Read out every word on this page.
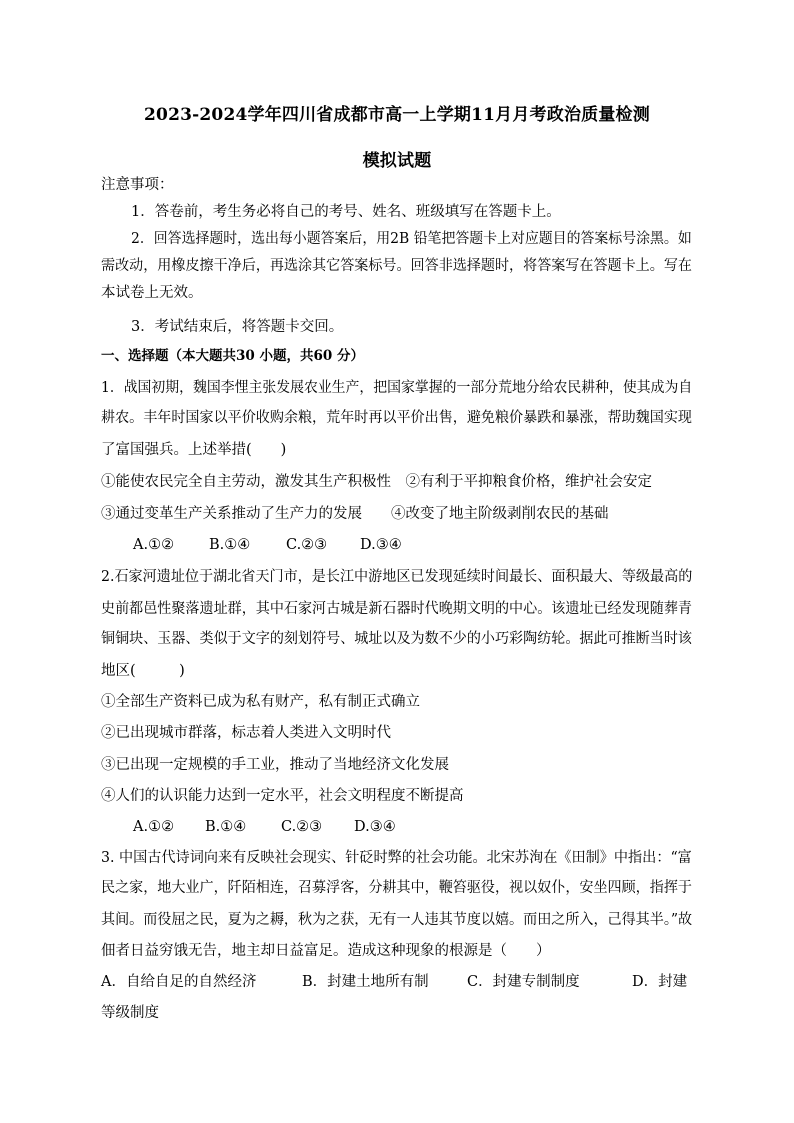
2023-2024学年四川省成都市高一上学期11月月考政治质量检测
模拟试题
注意事项：
1．答卷前，考生务必将自己的考号、姓名、班级填写在答题卡上。
2．回答选择题时，选出每小题答案后，用2B 铅笔把答题卡上对应题目的答案标号涂黑。如
需改动，用橡皮擦干净后，再选涂其它答案标号。回答非选择题时，将答案写在答题卡上。写在
本试卷上无效。
3．考试结束后，将答题卡交回。
一、选择题（本大题共30 小题，共60 分）
1．战国初期，魏国李悝主张发展农业生产，把国家掌握的一部分荒地分给农民耕种，使其成为自
耕农。丰年时国家以平价收购余粮，荒年时再以平价出售，避免粮价暴跌和暴涨，帮助魏国实现
了富国强兵。上述举措(　　)
①能使农民完全自主劳动，激发其生产积极性　②有利于平抑粮食价格，维护社会安定
③通过变革生产关系推动了生产力的发展　　④改变了地主阶级剥削农民的基础
A.①② B.①④ C.②③ D.③④
2.石家河遗址位于湖北省天门市，是长江中游地区已发现延续时间最长、面积最大、等级最高的
史前都邑性聚落遗址群，其中石家河古城是新石器时代晚期文明的中心。该遗址已经发现随葬青
铜铜块、玉器、类似于文字的刻划符号、城址以及为数不少的小巧彩陶纺轮。据此可推断当时该
地区(　　　)
①全部生产资料已成为私有财产，私有制正式确立
②已出现城市群落，标志着人类进入文明时代
③已出现一定规模的手工业，推动了当地经济文化发展
④人们的认识能力达到一定水平，社会文明程度不断提高
A.①② B.①④ C.②③ D.③④
3. 中国古代诗词向来有反映社会现实、针砭时弊的社会功能。北宋苏洵在《田制》中指出：“富
民之家，地大业广，阡陌相连，召募浮客，分耕其中，鞭笞驱役，视以奴仆，安坐四顾，指挥于
其间。而役屈之民，夏为之耨，秋为之获，无有一人违其节度以嬉。而田之所入，己得其半。”故
佃者日益穷饿无告，地主却日益富足。造成这种现象的根源是（　　）
A．自给自足的自然经济	B．封建土地所有制	C．封建专制制度	D．封建
等级制度
